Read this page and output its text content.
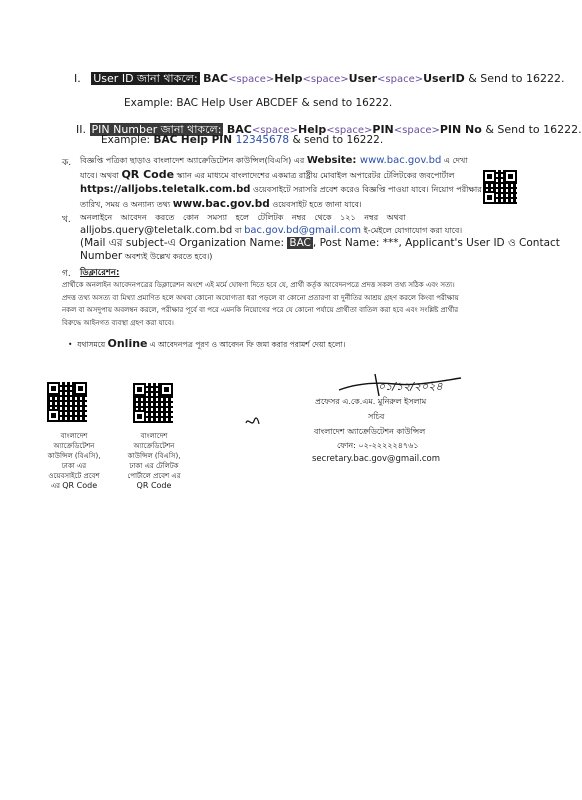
I. User ID জানা থাকলে: BAC<space>Help<space>User<space>UserID & Send to 16222.
Example: BAC Help User ABCDEF & send to 16222.
II. PIN Number জানা থাকলে: BAC<space>Help<space>PIN<space>PIN No & Send to 16222.
Example: BAC Help PIN 12345678 & send to 16222.
ক. বিজ্ঞপ্তি পত্রিকা ছাড়াও বাংলাদেশ অ্যাক্রেডিটেশন কাউন্সিল(বিএসি) এর Website: www.bac.gov.bd এ দেখা
যাবে। অথবা QR Code স্ক্যান এর মাধ্যমে বাংলাদেশের একমাত্র রাষ্ট্রীয় মোবাইল অপারেটর টেলিটকের জবপোর্টাল
https://alljobs.teletalk.com.bd ওয়েবসাইটে সরাসরি প্রবেশ করেও বিজ্ঞপ্তি পাওয়া যাবে। নিয়োগ পরীক্ষার
তারিখ, সময় ও অন্যান্য তথ্য www.bac.gov.bd ওয়েবসাইট হতে জানা যাবে।
খ. অনলাইনে আবেদন করতে কোন সমস্যা হলে টেলিটক নম্বর থেকে ১২১ নম্বর অথবা
alljobs.query@teletalk.com.bd বা bac.gov.bd@gmail.com ই-মেইলে যোগাযোগ করা যাবে।
(Mail এর subject-এ Organization Name: BAC , Post Name: ***, Applicant's User ID ও Contact
Number অবশ্যই উল্লেখ করতে হবে।)
গ. ডিক্লারেশন:
প্রার্থীকে অনলাইন আবেদনপত্রের ডিক্লারেশন অংশে এই মর্মে ঘোষণা দিতে হবে যে, প্রার্থী কর্তৃক আবেদনপত্রে প্রদত্ত সকল তথ্য সঠিক এবং সত্য।
প্রদত্ত তথ্য অসত্য বা মিথ্যা প্রমাণিত হলে অথবা কোনো অযোগ্যতা ধরা পড়লে বা কোনো প্রতারণা বা দুর্নীতির আশ্রয় গ্রহণ করলে কিংবা পরীক্ষায়
নকল বা অসদুপায় অবলম্বন করলে, পরীক্ষার পূর্বে বা পরে এমনকি নিয়োগের পরে যে কোনো পর্যায়ে প্রার্থীতা বাতিল করা হবে এবং সংশ্লিষ্ট প্রার্থীর
বিরুদ্ধে আইনগত ব্যবস্থা গ্রহণ করা যাবে।
•  যথাসময়ে Online এ আবেদনপত্র পূরণ ও আবেদন ফি জমা করার পরামর্শ দেয়া হলো।
বাংলাদেশ
অ্যাক্রেডিটেশন
কাউন্সিল (বিএসি),
ঢাকা এর
ওয়েবসাইটে প্রবেশ
এর QR Code
বাংলাদেশ
অ্যাক্রেডিটেশন
কাউন্সিল (বিএসি),
ঢাকা এর টেলিটক
পোর্টালে প্রবেশ এর
QR Code
০১/১২/২০২৪
প্রফেসর এ.কে.এম. মুনিরুল ইসলাম
সচিব
বাংলাদেশ অ্যাক্রেডিটেশন কাউন্সিল
ফোন: ০২-২২২২২৪৭৬১
secretary.bac.gov@gmail.com
